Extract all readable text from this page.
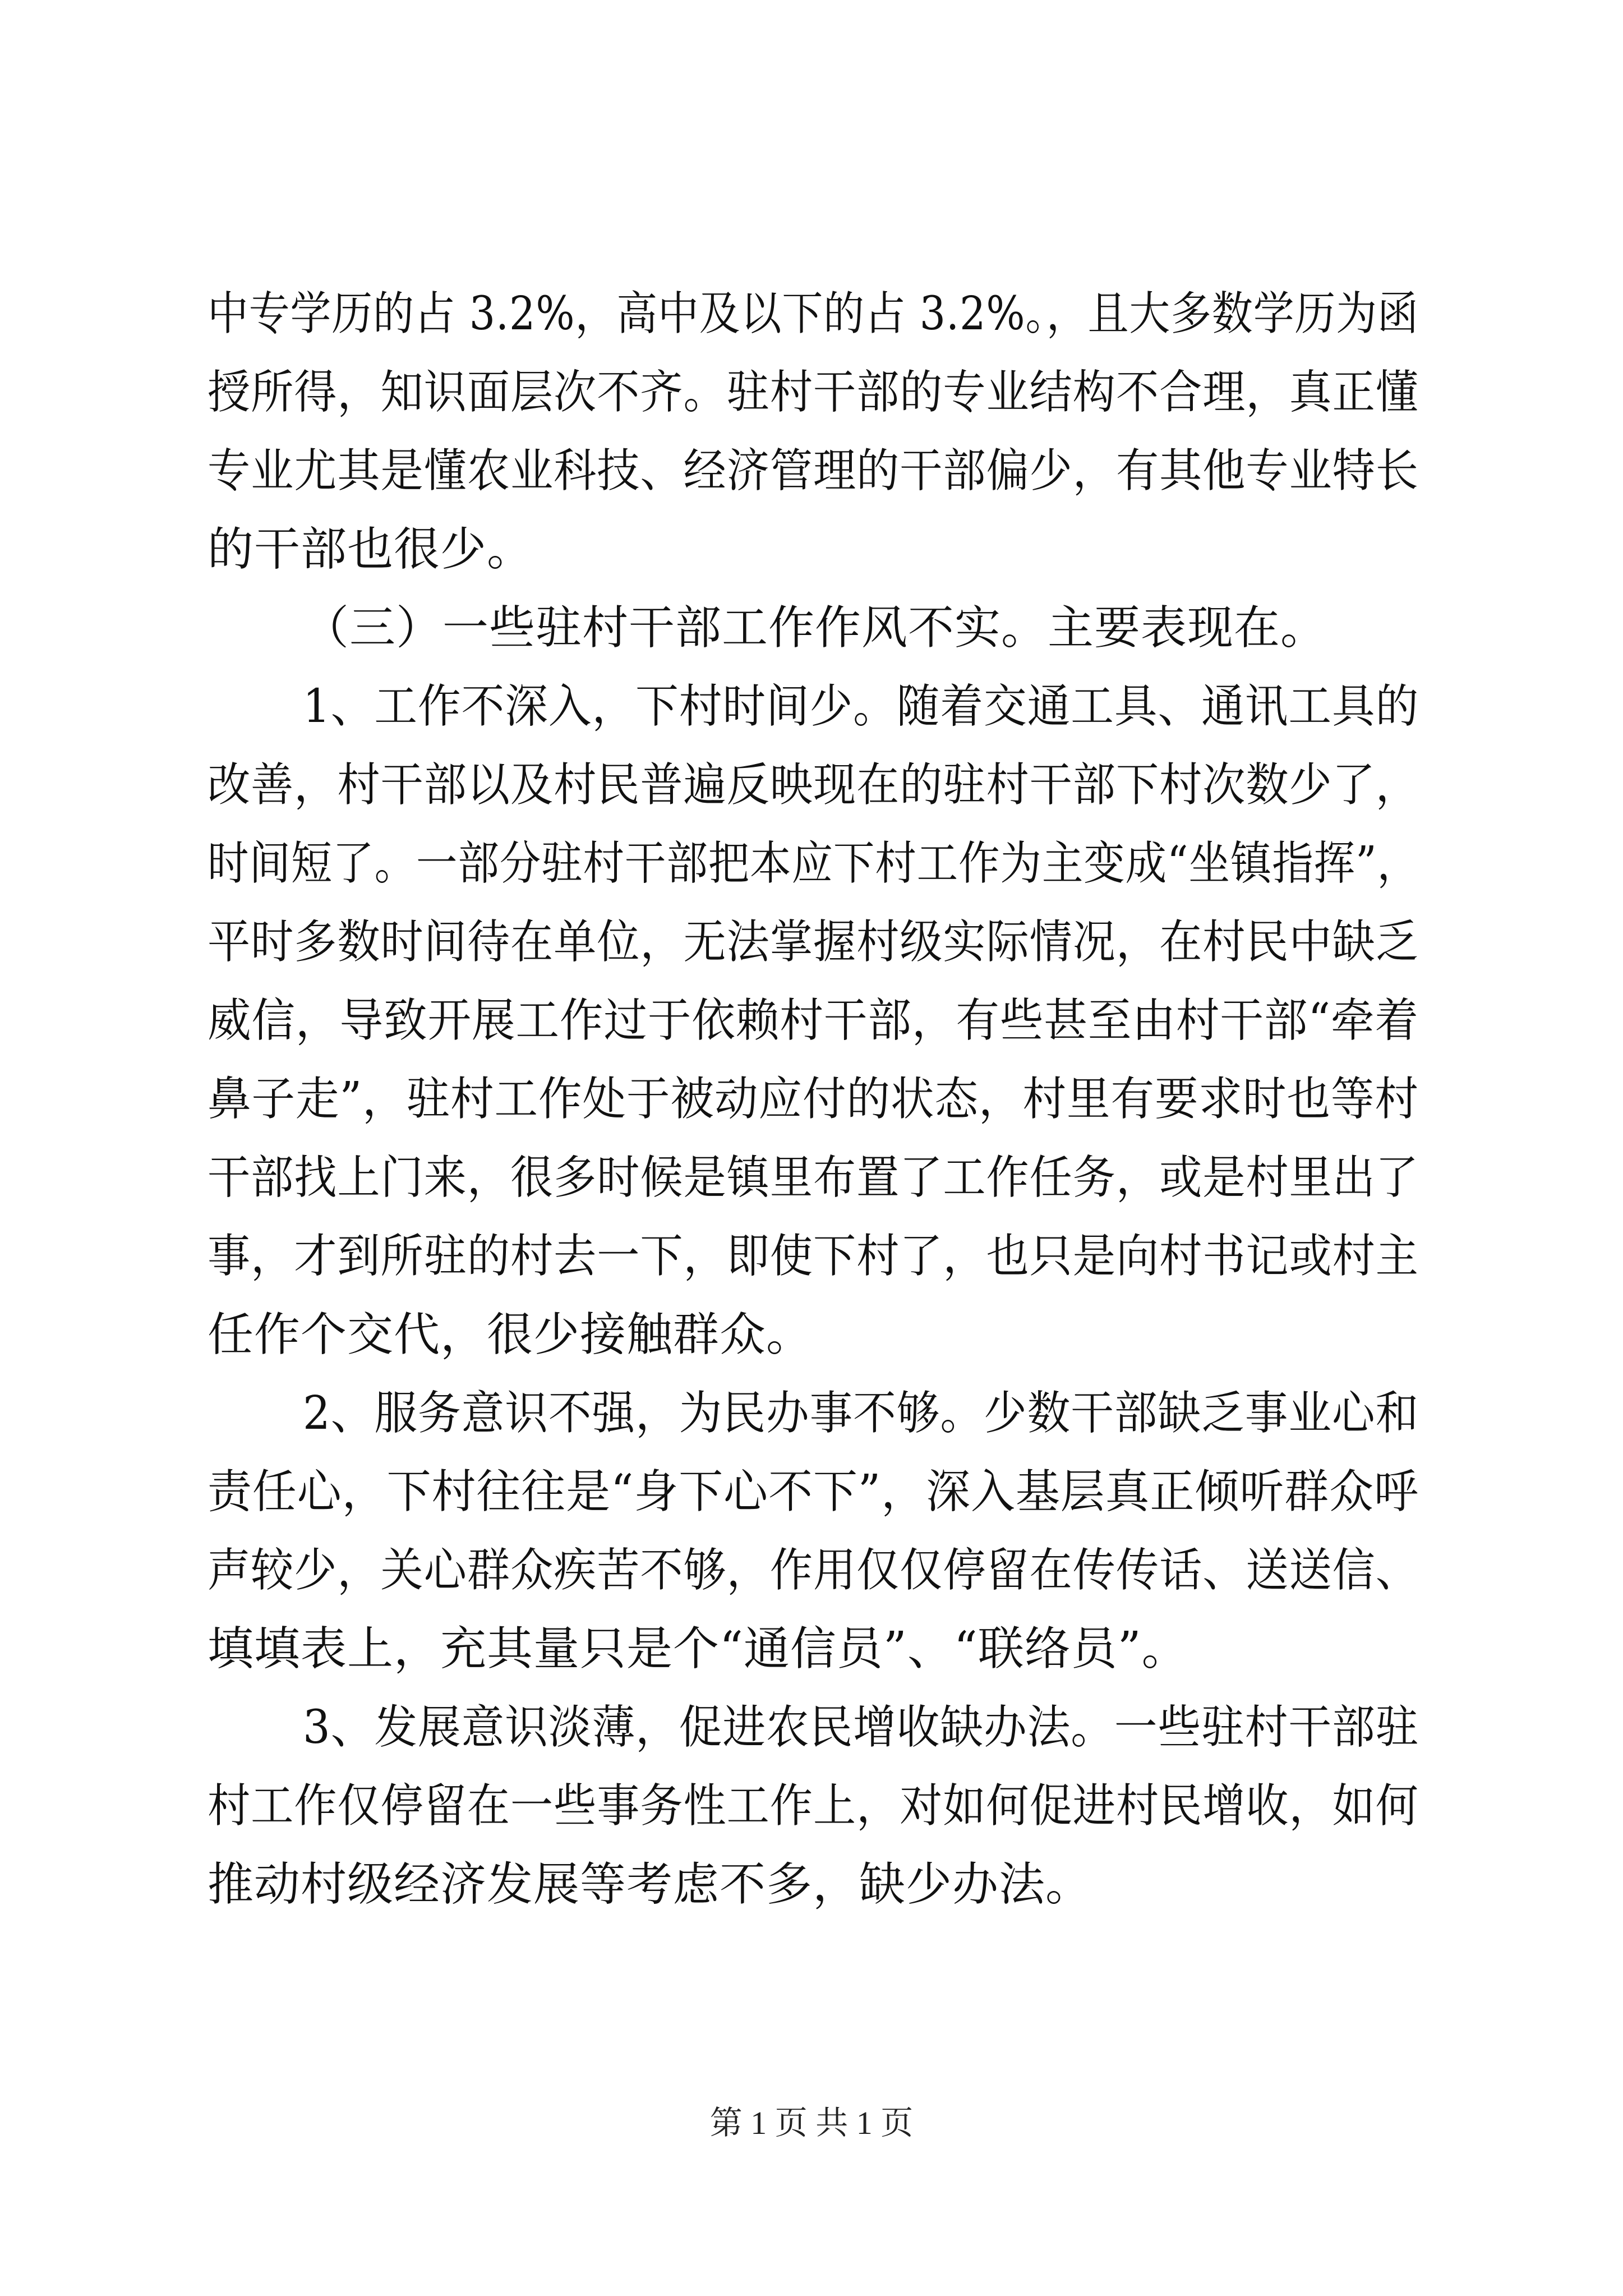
中专学历的占 3.2%，高中及以下的占 3.2%。，且大多数学历为函
授所得，知识面层次不齐。驻村干部的专业结构不合理，真正懂
专业尤其是懂农业科技、经济管理的干部偏少，有其他专业特长
的干部也很少。
（三）一些驻村干部工作作风不实。主要表现在。
1、工作不深入，下村时间少。随着交通工具、通讯工具的
改善，村干部以及村民普遍反映现在的驻村干部下村次数少了，
时间短了。一部分驻村干部把本应下村工作为主变成“坐镇指挥”，
平时多数时间待在单位，无法掌握村级实际情况，在村民中缺乏
威信，导致开展工作过于依赖村干部，有些甚至由村干部“牵着
鼻子走”，驻村工作处于被动应付的状态，村里有要求时也等村
干部找上门来，很多时候是镇里布置了工作任务，或是村里出了
事，才到所驻的村去一下，即使下村了，也只是向村书记或村主
任作个交代，很少接触群众。
2、服务意识不强，为民办事不够。少数干部缺乏事业心和
责任心，下村往往是“身下心不下”，深入基层真正倾听群众呼
声较少，关心群众疾苦不够，作用仅仅停留在传传话、送送信、
填填表上，充其量只是个“通信员”、“联络员”。
3、发展意识淡薄，促进农民增收缺办法。一些驻村干部驻
村工作仅停留在一些事务性工作上，对如何促进村民增收，如何
推动村级经济发展等考虑不多，缺少办法。
第 1 页 共 1 页
